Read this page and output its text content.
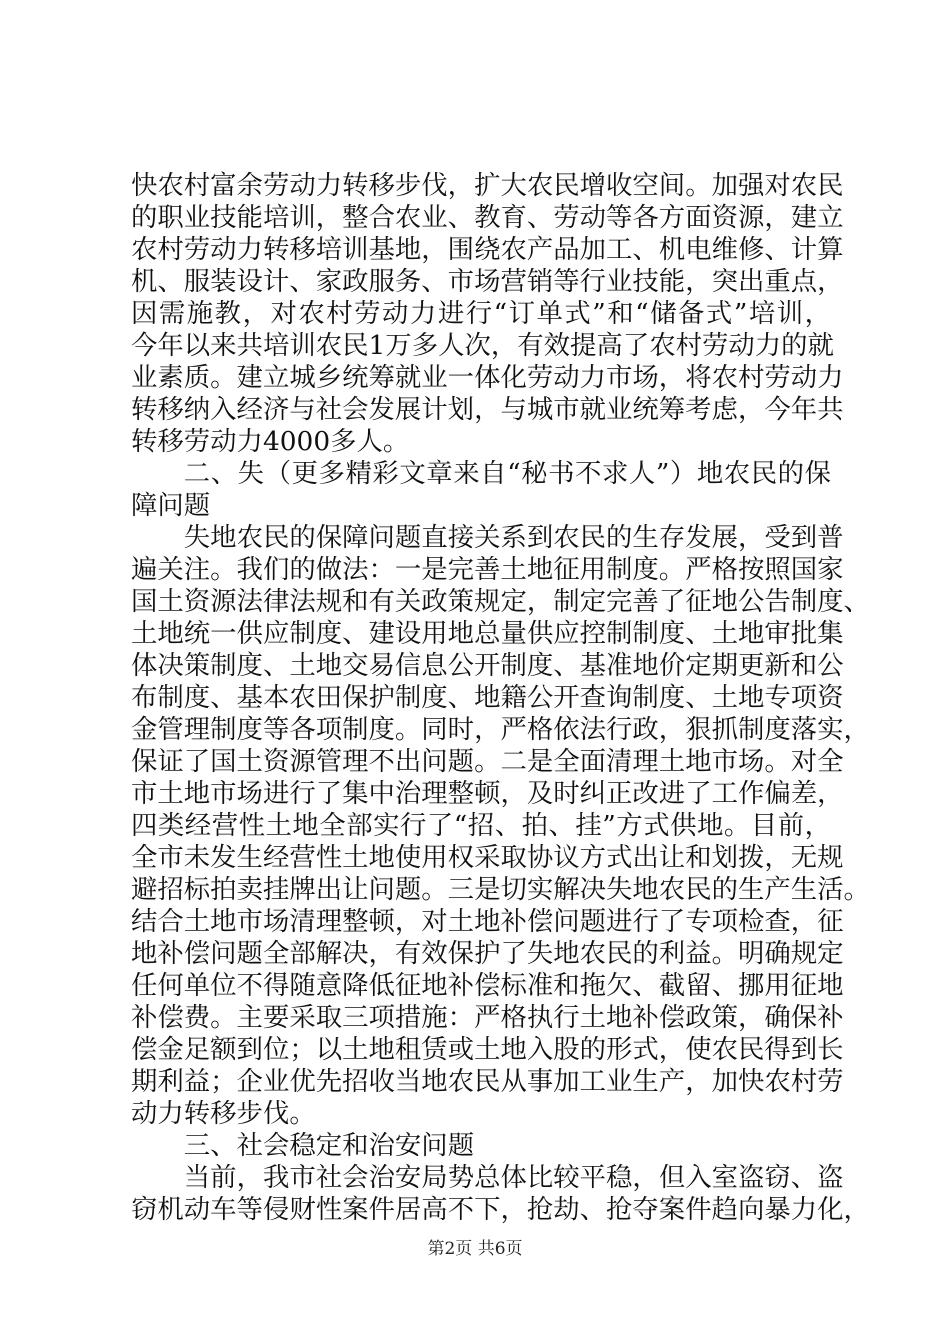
快农村富余劳动力转移步伐，扩大农民增收空间。加强对农民
的职业技能培训，整合农业、教育、劳动等各方面资源，建立
农村劳动力转移培训基地，围绕农产品加工、机电维修、计算
机、服装设计、家政服务、市场营销等行业技能，突出重点，
因需施教，对农村劳动力进行“订单式”和“储备式”培训，
今年以来共培训农民1万多人次，有效提高了农村劳动力的就
业素质。建立城乡统筹就业一体化劳动力市场，将农村劳动力
转移纳入经济与社会发展计划，与城市就业统筹考虑，今年共
转移劳动力4000多人。
二、失（更多精彩文章来自“秘书不求人”）地农民的保
障问题
失地农民的保障问题直接关系到农民的生存发展，受到普
遍关注。我们的做法：一是完善土地征用制度。严格按照国家
国土资源法律法规和有关政策规定，制定完善了征地公告制度、
土地统一供应制度、建设用地总量供应控制制度、土地审批集
体决策制度、土地交易信息公开制度、基准地价定期更新和公
布制度、基本农田保护制度、地籍公开查询制度、土地专项资
金管理制度等各项制度。同时，严格依法行政，狠抓制度落实，
保证了国土资源管理不出问题。二是全面清理土地市场。对全
市土地市场进行了集中治理整顿，及时纠正改进了工作偏差，
四类经营性土地全部实行了“招、拍、挂”方式供地。目前，
全市未发生经营性土地使用权采取协议方式出让和划拨，无规
避招标拍卖挂牌出让问题。三是切实解决失地农民的生产生活。
结合土地市场清理整顿，对土地补偿问题进行了专项检查，征
地补偿问题全部解决，有效保护了失地农民的利益。明确规定
任何单位不得随意降低征地补偿标准和拖欠、截留、挪用征地
补偿费。主要采取三项措施：严格执行土地补偿政策，确保补
偿金足额到位；以土地租赁或土地入股的形式，使农民得到长
期利益；企业优先招收当地农民从事加工业生产，加快农村劳
动力转移步伐。
三、社会稳定和治安问题
当前，我市社会治安局势总体比较平稳，但入室盗窃、盗
窃机动车等侵财性案件居高不下，抢劫、抢夺案件趋向暴力化，
第2页 共6页
